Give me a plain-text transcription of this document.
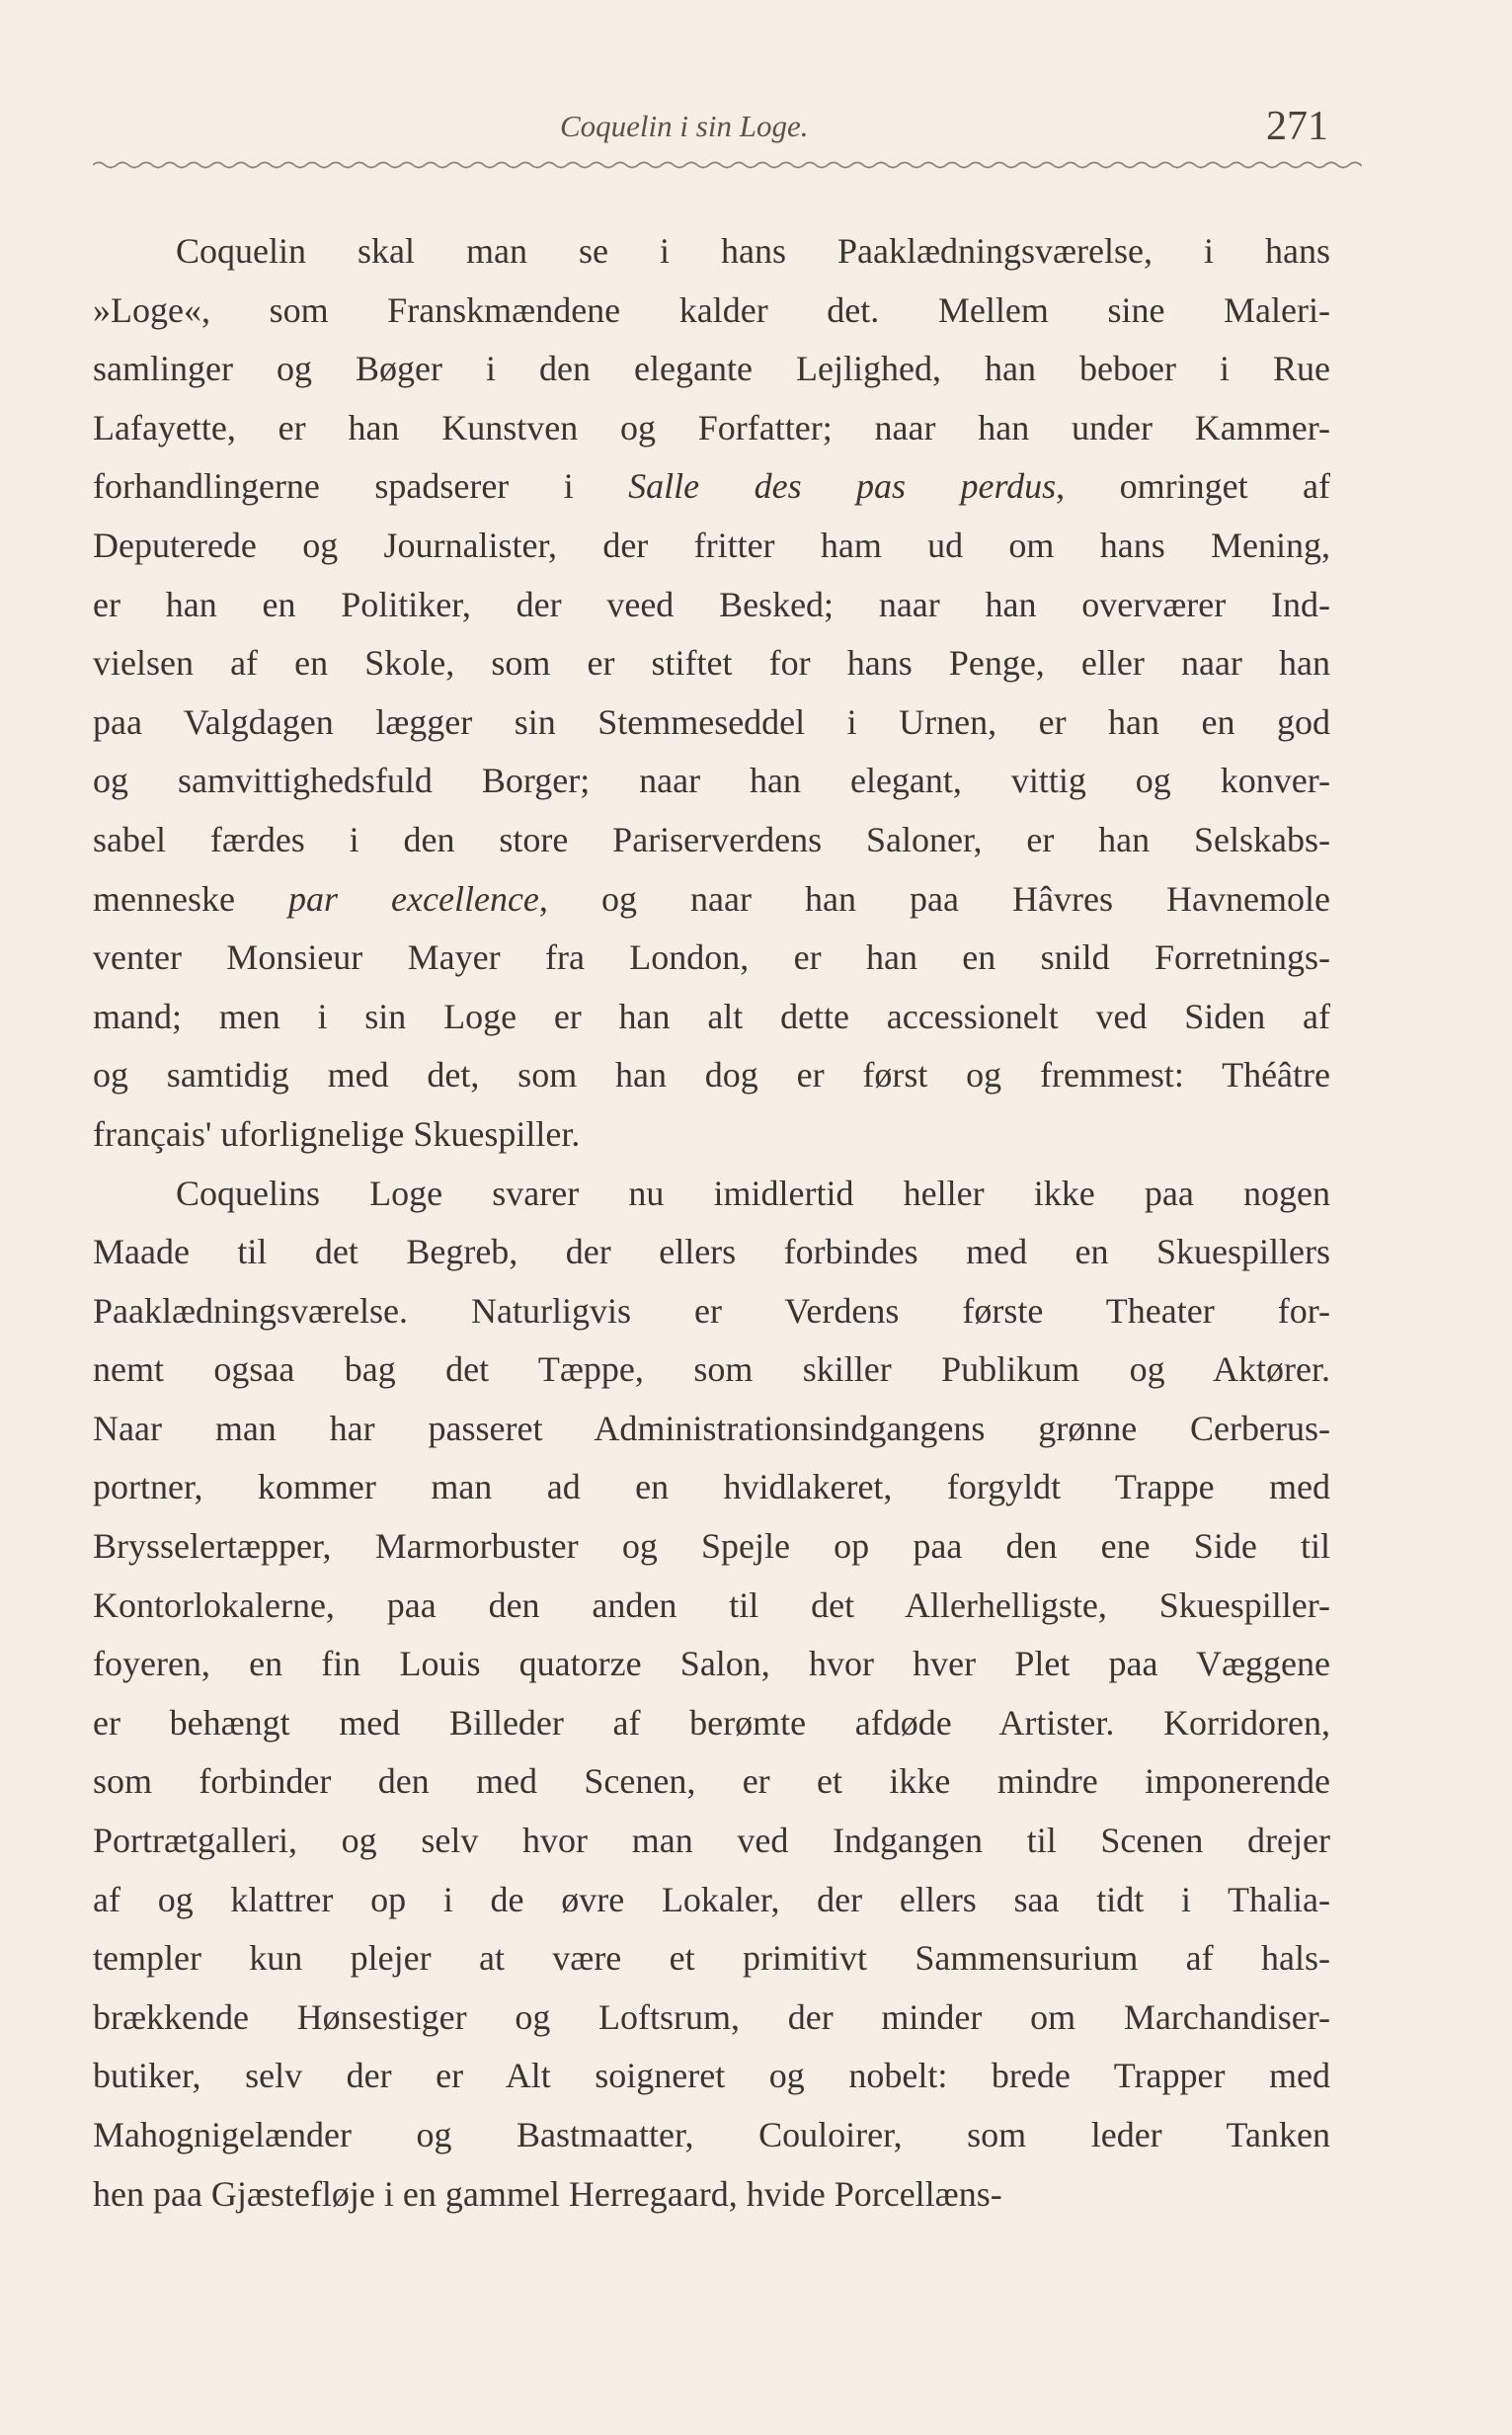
Coquelin i sin Loge.	271
Coquelin skal man se i hans Paaklædningsværelse, i hans
»Loge«, som Franskmændene kalder det. Mellem sine Maleri-
samlinger og Bøger i den elegante Lejlighed, han beboer i Rue
Lafayette, er han Kunstven og Forfatter; naar han under Kammer-
forhandlingerne spadserer i Salle des pas perdus, omringet af
Deputerede og Journalister, der fritter ham ud om hans Mening,
er han en Politiker, der veed Besked; naar han overværer Ind-
vielsen af en Skole, som er stiftet for hans Penge, eller naar han
paa Valgdagen lægger sin Stemmeseddel i Urnen, er han en god
og samvittighedsfuld Borger; naar han elegant, vittig og konver-
sabel færdes i den store Pariserverdens Saloner, er han Selskabs-
menneske par excellence, og naar han paa Hâvres Havnemole
venter Monsieur Mayer fra London, er han en snild Forretnings-
mand; men i sin Loge er han alt dette accessionelt ved Siden af
og samtidig med det, som han dog er først og fremmest: Théâtre
français' uforlignelige Skuespiller.
Coquelins Loge svarer nu imidlertid heller ikke paa nogen
Maade til det Begreb, der ellers forbindes med en Skuespillers
Paaklædningsværelse. Naturligvis er Verdens første Theater for-
nemt ogsaa bag det Tæppe, som skiller Publikum og Aktører.
Naar man har passeret Administrationsindgangens grønne Cerberus-
portner, kommer man ad en hvidlakeret, forgyldt Trappe med
Brysselertæpper, Marmorbuster og Spejle op paa den ene Side til
Kontorlokalerne, paa den anden til det Allerhelligste, Skuespiller-
foyeren, en fin Louis quatorze Salon, hvor hver Plet paa Væggene
er behængt med Billeder af berømte afdøde Artister. Korridoren,
som forbinder den med Scenen, er et ikke mindre imponerende
Portrætgalleri, og selv hvor man ved Indgangen til Scenen drejer
af og klattrer op i de øvre Lokaler, der ellers saa tidt i Thalia-
templer kun plejer at være et primitivt Sammensurium af hals-
brækkende Hønsestiger og Loftsrum, der minder om Marchandiser-
butiker, selv der er Alt soigneret og nobelt: brede Trapper med
Mahognigelænder og Bastmaatter, Couloirer, som leder Tanken
hen paa Gjæstefløje i en gammel Herregaard, hvide Porcellæns-
